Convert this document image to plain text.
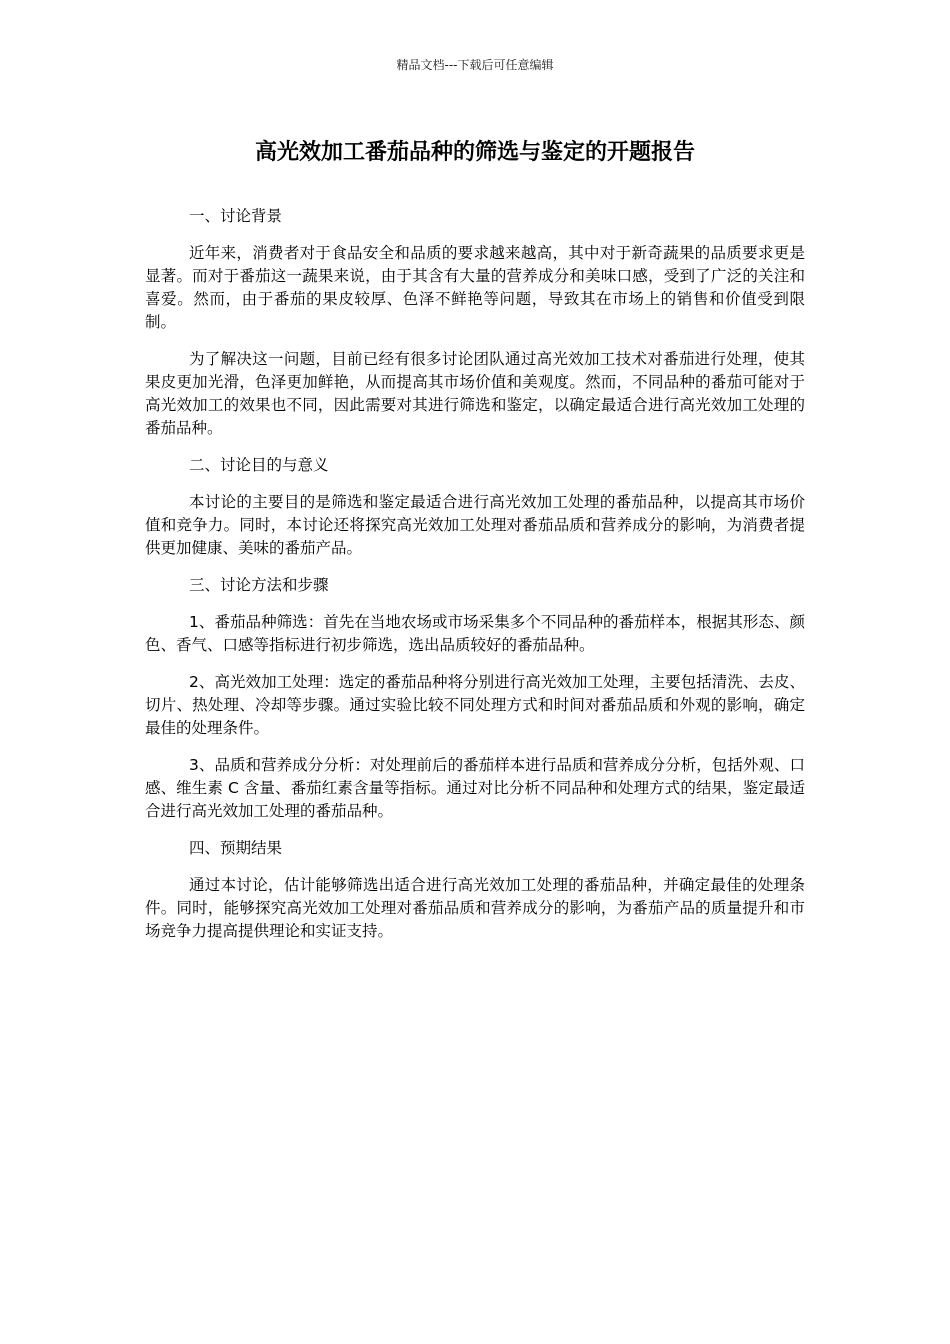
精品文档---下载后可任意编辑
高光效加工番茄品种的筛选与鉴定的开题报告

一、讨论背景

近年来，消费者对于食品安全和品质的要求越来越高，其中对于新奇蔬果的品质要求更是显著。而对于番茄这一蔬果来说，由于其含有大量的营养成分和美味口感，受到了广泛的关注和喜爱。然而，由于番茄的果皮较厚、色泽不鲜艳等问题，导致其在市场上的销售和价值受到限制。

为了解决这一问题，目前已经有很多讨论团队通过高光效加工技术对番茄进行处理，使其果皮更加光滑，色泽更加鲜艳，从而提高其市场价值和美观度。然而，不同品种的番茄可能对于高光效加工的效果也不同，因此需要对其进行筛选和鉴定，以确定最适合进行高光效加工处理的番茄品种。

二、讨论目的与意义

本讨论的主要目的是筛选和鉴定最适合进行高光效加工处理的番茄品种，以提高其市场价值和竞争力。同时，本讨论还将探究高光效加工处理对番茄品质和营养成分的影响，为消费者提供更加健康、美味的番茄产品。

三、讨论方法和步骤

1、番茄品种筛选：首先在当地农场或市场采集多个不同品种的番茄样本，根据其形态、颜色、香气、口感等指标进行初步筛选，选出品质较好的番茄品种。

2、高光效加工处理：选定的番茄品种将分别进行高光效加工处理，主要包括清洗、去皮、切片、热处理、冷却等步骤。通过实验比较不同处理方式和时间对番茄品质和外观的影响，确定最佳的处理条件。

3、品质和营养成分分析：对处理前后的番茄样本进行品质和营养成分分析，包括外观、口感、维生素 C 含量、番茄红素含量等指标。通过对比分析不同品种和处理方式的结果，鉴定最适合进行高光效加工处理的番茄品种。

四、预期结果

通过本讨论，估计能够筛选出适合进行高光效加工处理的番茄品种，并确定最佳的处理条件。同时，能够探究高光效加工处理对番茄品质和营养成分的影响，为番茄产品的质量提升和市场竞争力提高提供理论和实证支持。
